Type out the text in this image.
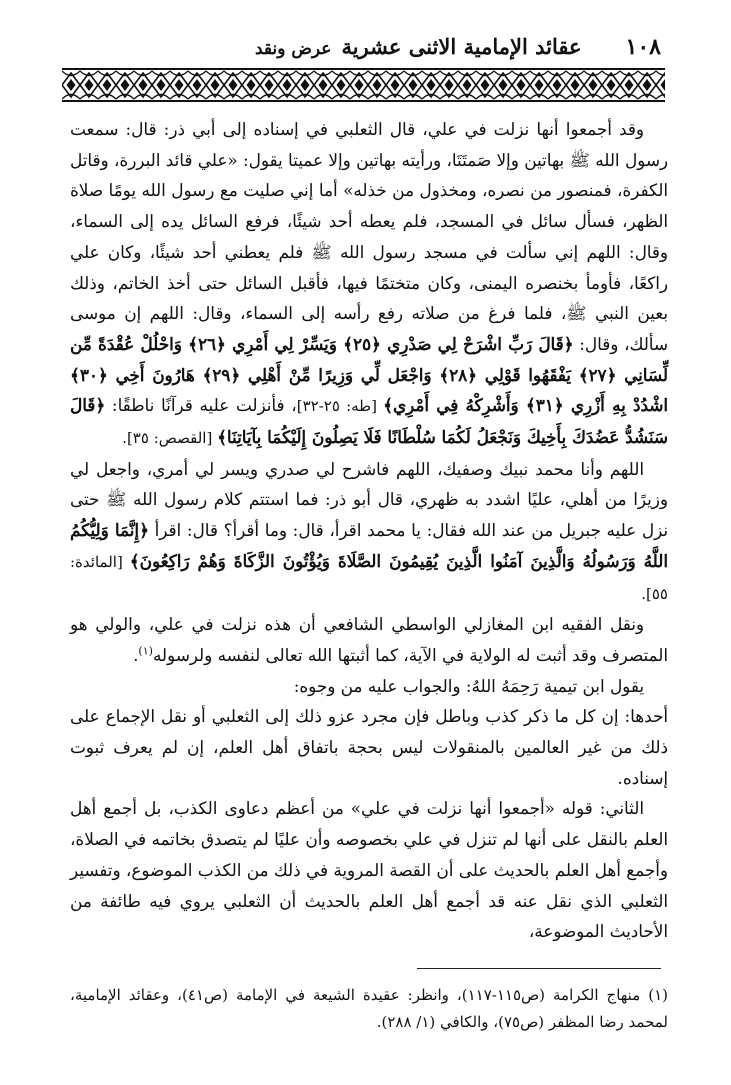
١٠٨
عقائد الإمامية الاثنى عشرية
عرض ونقد

وقد أجمعوا أنها نزلت في علي، قال الثعلبي في إسناده إلى أبي ذر: قال: سمعت رسول الله ﷺ بهاتين وإلا صَمتَتَا، ورأيته بهاتين وإلا عميتا يقول: «علي قائد البررة، وقاتل الكفرة، فمنصور من نصره، ومخذول من خذله» أما إني صليت مع رسول الله يومًا صلاة الظهر، فسأل سائل في المسجد، فلم يعطه أحد شيئًا، فرفع السائل يده إلى السماء، وقال: اللهم إني سألت في مسجد رسول الله ﷺ فلم يعطني أحد شيئًا، وكان علي راكعًا، فأومأ بخنصره اليمنى، وكان متختمًا فيها، فأقبل السائل حتى أخذ الخاتم، وذلك بعين النبي ﷺ، فلما فرغ من صلاته رفع رأسه إلى السماء، وقال: اللهم إن موسى سألك، وقال: ﴿قَالَ رَبِّ اشْرَحْ لِي صَدْرِي ﴿٢٥﴾ وَيَسِّرْ لِي أَمْرِي ﴿٢٦﴾ وَاحْلُلْ عُقْدَةً مِّن لِّسَانِي ﴿٢٧﴾ يَفْقَهُوا قَوْلِي ﴿٢٨﴾ وَاجْعَل لِّي وَزِيرًا مِّنْ أَهْلِي ﴿٢٩﴾ هَارُونَ أَخِي ﴿٣٠﴾ اشْدُدْ بِهِ أَزْرِي ﴿٣١﴾ وَأَشْرِكْهُ فِي أَمْرِي﴾ [طه: ٢٥-٣٢]، فأنزلت عليه قرآنًا ناطقًا: ﴿قَالَ سَنَشُدُّ عَضُدَكَ بِأَخِيكَ وَنَجْعَلُ لَكُمَا سُلْطَانًا فَلَا يَصِلُونَ إِلَيْكُمَا بِآيَاتِنَا﴾ [القصص: ٣٥].

اللهم وأنا محمد نبيك وصفيك، اللهم فاشرح لي صدري ويسر لي أمري، واجعل لي وزيرًا من أهلي، عليًا اشدد به ظهري، قال أبو ذر: فما استتم كلام رسول الله ﷺ حتى نزل عليه جبريل من عند الله فقال: يا محمد اقرأ، قال: وما أقرأ؟ قال: اقرأ ﴿إِنَّمَا وَلِيُّكُمُ اللَّهُ وَرَسُولُهُ وَالَّذِينَ آمَنُوا الَّذِينَ يُقِيمُونَ الصَّلَاةَ وَيُؤْتُونَ الزَّكَاةَ وَهُمْ رَاكِعُونَ﴾ [المائدة: ٥٥].

ونقل الفقيه ابن المغازلي الواسطي الشافعي أن هذه نزلت في علي، والولي هو المتصرف وقد أثبت له الولاية في الآية، كما أثبتها الله تعالى لنفسه ولرسوله$^{(١)}$.

يقول ابن تيمية رَحِمَهُ اللهُ: والجواب عليه من وجوه:

أحدها: إن كل ما ذكر كذب وباطل فإن مجرد عزو ذلك إلى الثعلبي أو نقل الإجماع على ذلك من غير العالمين بالمنقولات ليس بحجة باتفاق أهل العلم، إن لم يعرف ثبوت إسناده.

الثاني: قوله «أجمعوا أنها نزلت في علي» من أعظم دعاوى الكذب، بل أجمع أهل العلم بالنقل على أنها لم تنزل في علي بخصوصه وأن عليًا لم يتصدق بخاتمه في الصلاة، وأجمع أهل العلم بالحديث على أن القصة المروية في ذلك من الكذب الموضوع، وتفسير الثعلبي الذي نقل عنه قد أجمع أهل العلم بالحديث أن الثعلبي يروي فيه طائفة من الأحاديث الموضوعة،

(١) منهاج الكرامة (ص١١٥-١١٧)، وانظر: عقيدة الشيعة في الإمامة (ص٤١)، وعقائد الإمامية، لمحمد رضا المظفر (ص٧٥)، والكافي (١/ ٢٨٨).
